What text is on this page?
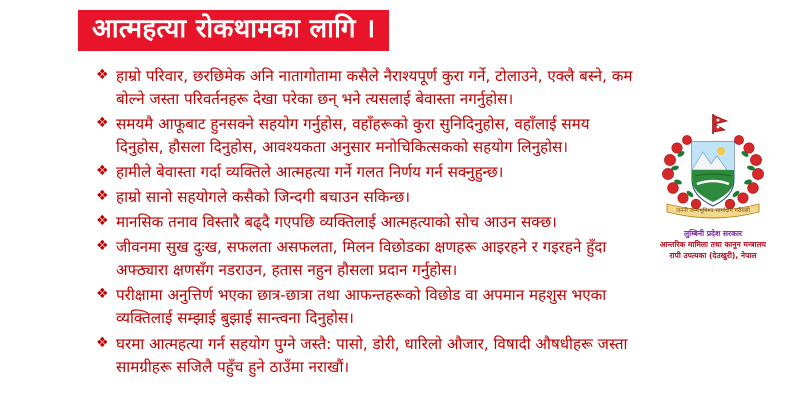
आत्महत्या रोकथामका लागि ।
❖ हाम्रो परिवार, छरछिमेक अनि नातागोतामा कसैले नैराश्यपूर्ण कुरा गर्ने, टोलाउने, एक्लै बस्ने, कम बोल्ने जस्ता परिवर्तनहरू देखा परेका छन् भने त्यसलाई बेवास्ता नगर्नुहोस।
❖ समयमै आफूबाट हुनसक्ने सहयोग गर्नुहोस, वहाँहरूको कुरा सुनिदिनुहोस, वहाँलाई समय दिनुहोस, हौसला दिनुहोस, आवश्यकता अनुसार मनोचिकित्सकको सहयोग लिनुहोस।
❖ हामीले बेवास्ता गर्दा व्यक्तिले आत्महत्या गर्ने गलत निर्णय गर्न सक्नुहुन्छ।
❖ हाम्रो सानो सहयोगले कसैको जिन्दगी बचाउन सकिन्छ।
❖ मानसिक तनाव विस्तारै बढ्दै गएपछि व्यक्तिलाई आत्महत्याको सोच आउन सक्छ।
❖ जीवनमा सुख दुःख, सफलता असफलता, मिलन विछोडका क्षणहरू आइरहने र गइरहने हुँदा अफ्ठ्यारा क्षणसँग नडराउन, हतास नहुन हौसला प्रदान गर्नुहोस।
❖ परीक्षामा अनुत्तिर्ण भएका छात्र-छात्रा तथा आफन्तहरूको विछोड वा अपमान महशुस भएका व्यक्तिलाई सम्झाई बुझाई सान्त्वना दिनुहोस।
❖ घरमा आत्महत्या गर्न सहयोग पुग्ने जस्तै: पासो, डोरी, धारिलो औजार, विषादी औषधीहरू जस्ता सामग्रीहरू सजिलै पहुँच हुने ठाउँमा नराखौं।
जननी जन्मभूमिश्च स्वर्गादपि गरीयसी
लुम्बिनी प्रदेश सरकार
आन्तरिक मामिला तथा कानुन मन्त्रालय
रापी उपत्यका (देउखुरी), नेपाल
